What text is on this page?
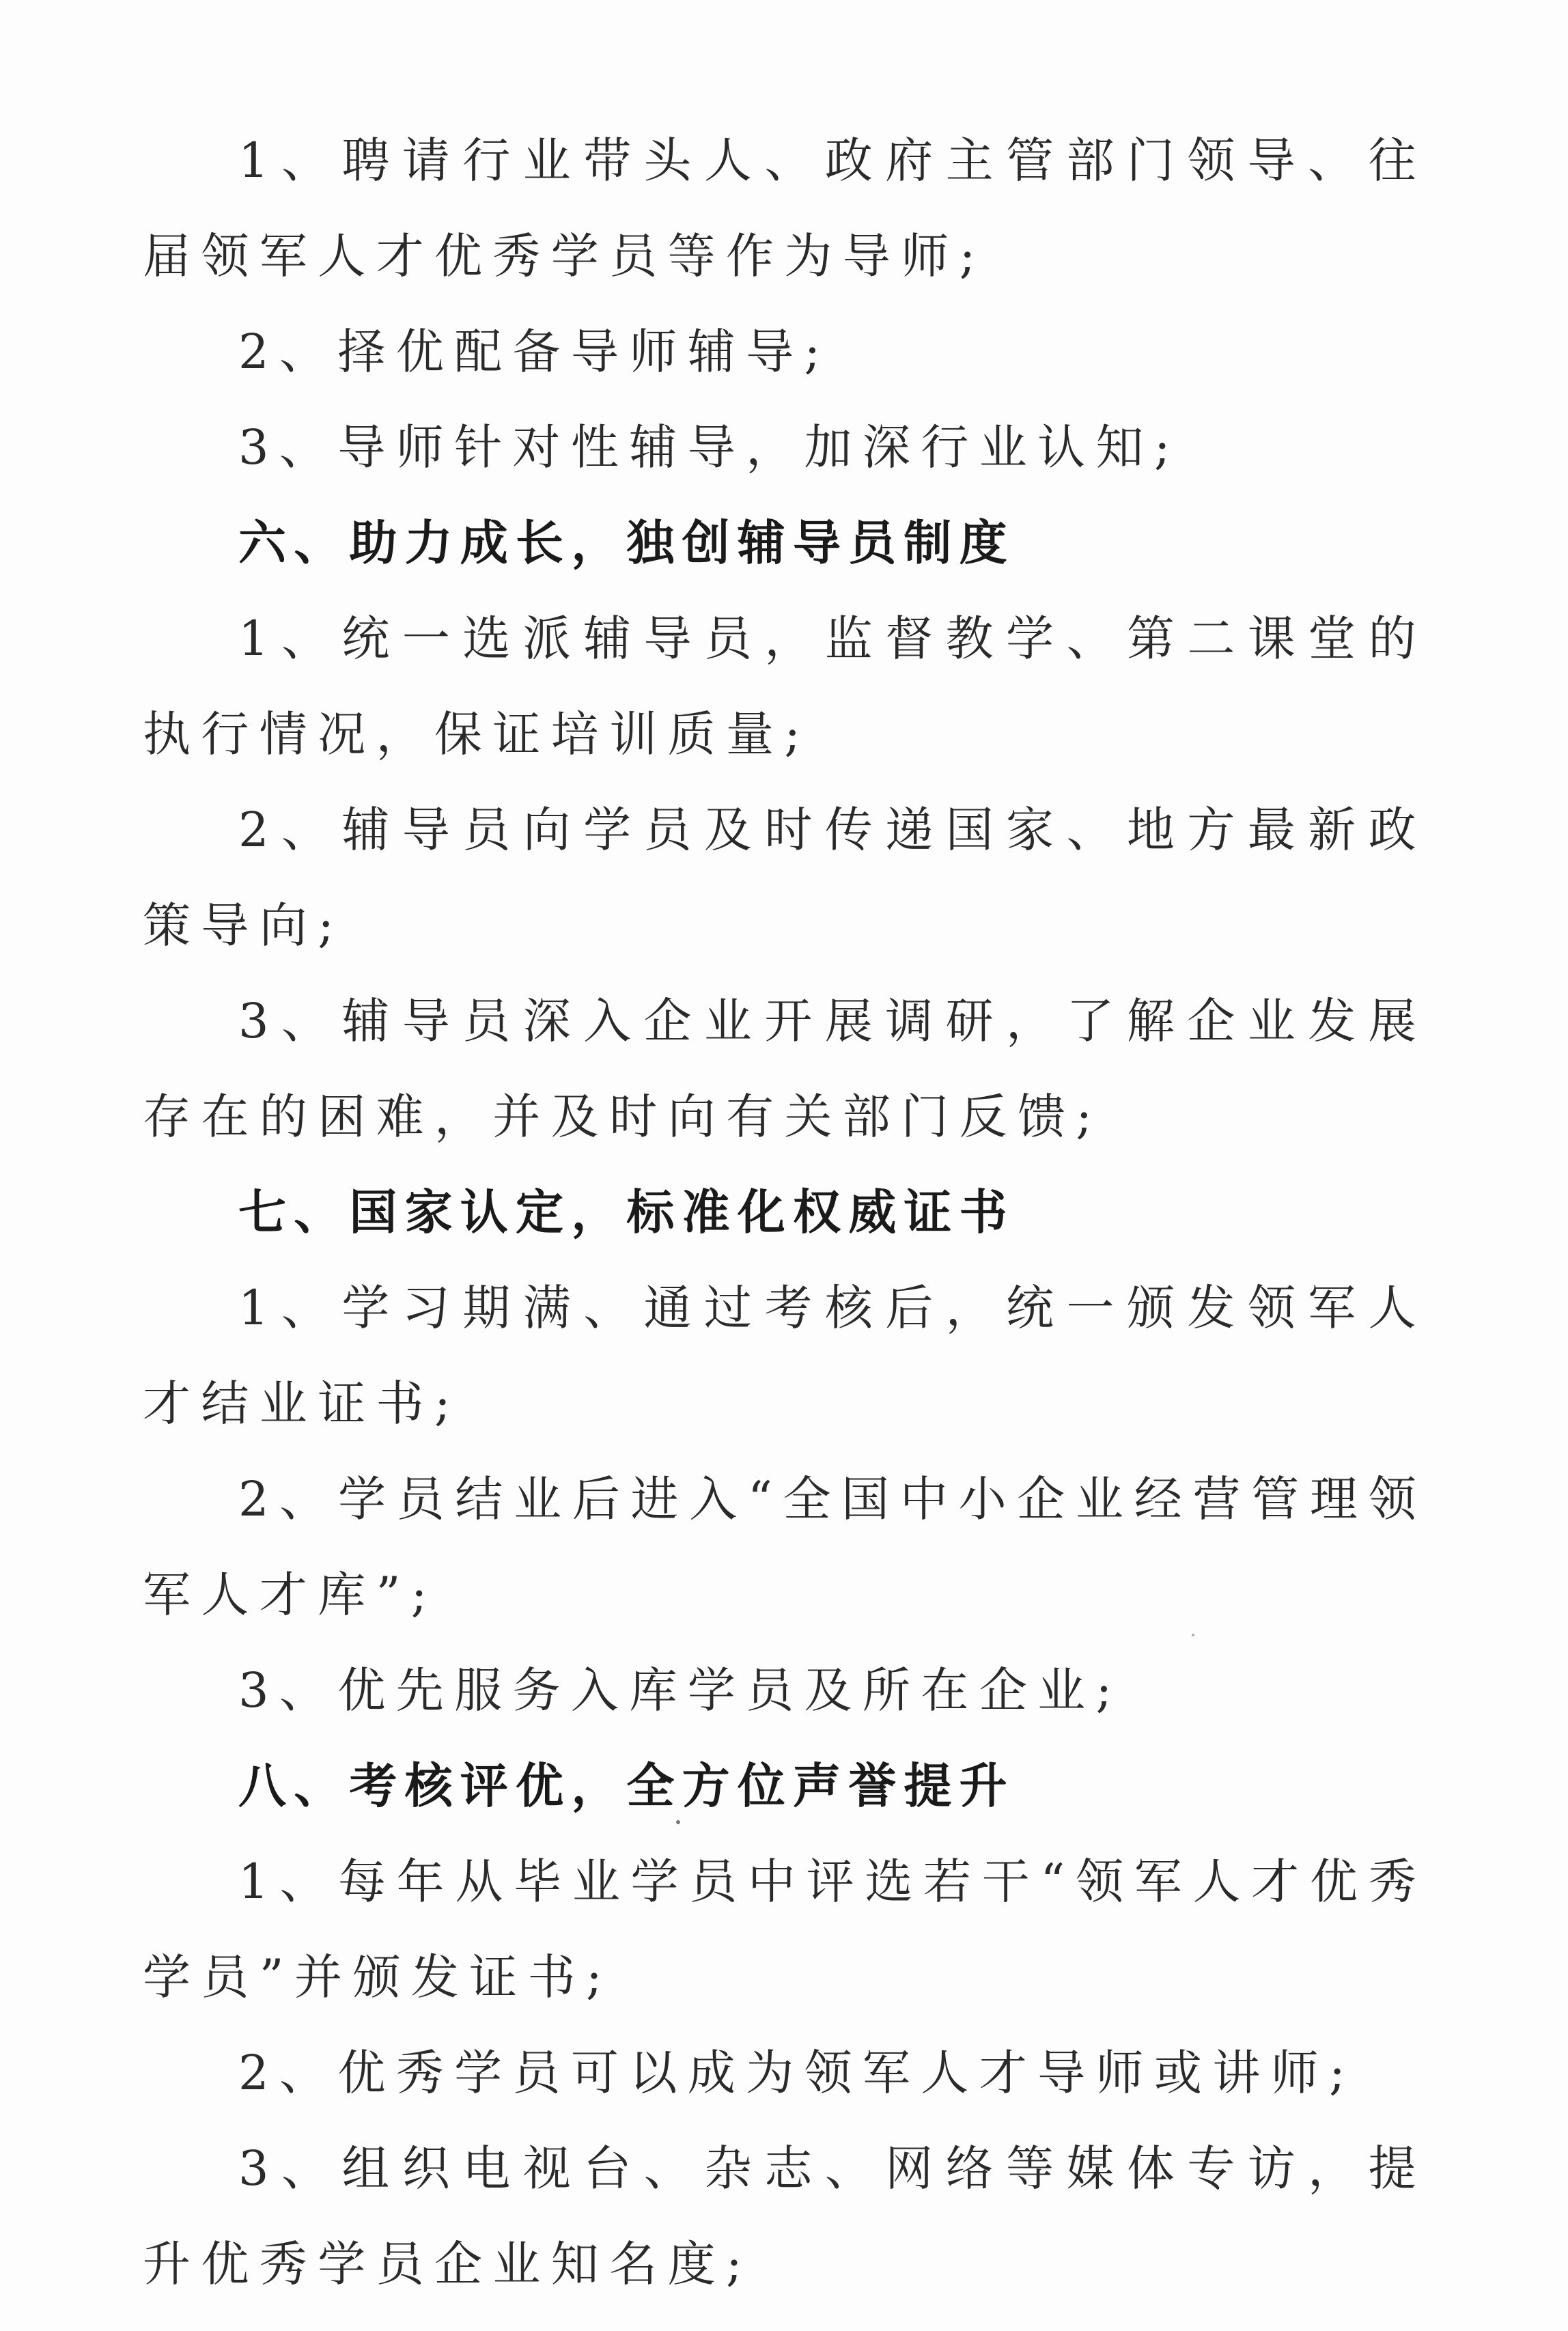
1、聘请行业带头人、政府主管部门领导、往届领军人才优秀学员等作为导师;

2、择优配备导师辅导;

3、导师针对性辅导，加深行业认知;

六、助力成长，独创辅导员制度

1、统一选派辅导员，监督教学、第二课堂的执行情况，保证培训质量;

2、辅导员向学员及时传递国家、地方最新政策导向;

3、辅导员深入企业开展调研，了解企业发展存在的困难，并及时向有关部门反馈;

七、国家认定，标准化权威证书

1、学习期满、通过考核后，统一颁发领军人才结业证书;

2、学员结业后进入“全国中小企业经营管理领军人才库”;

3、优先服务入库学员及所在企业;

八、考核评优，全方位声誉提升

1、每年从毕业学员中评选若干“领军人才优秀学员”并颁发证书;

2、优秀学员可以成为领军人才导师或讲师;

3、组织电视台、杂志、网络等媒体专访，提升优秀学员企业知名度;
